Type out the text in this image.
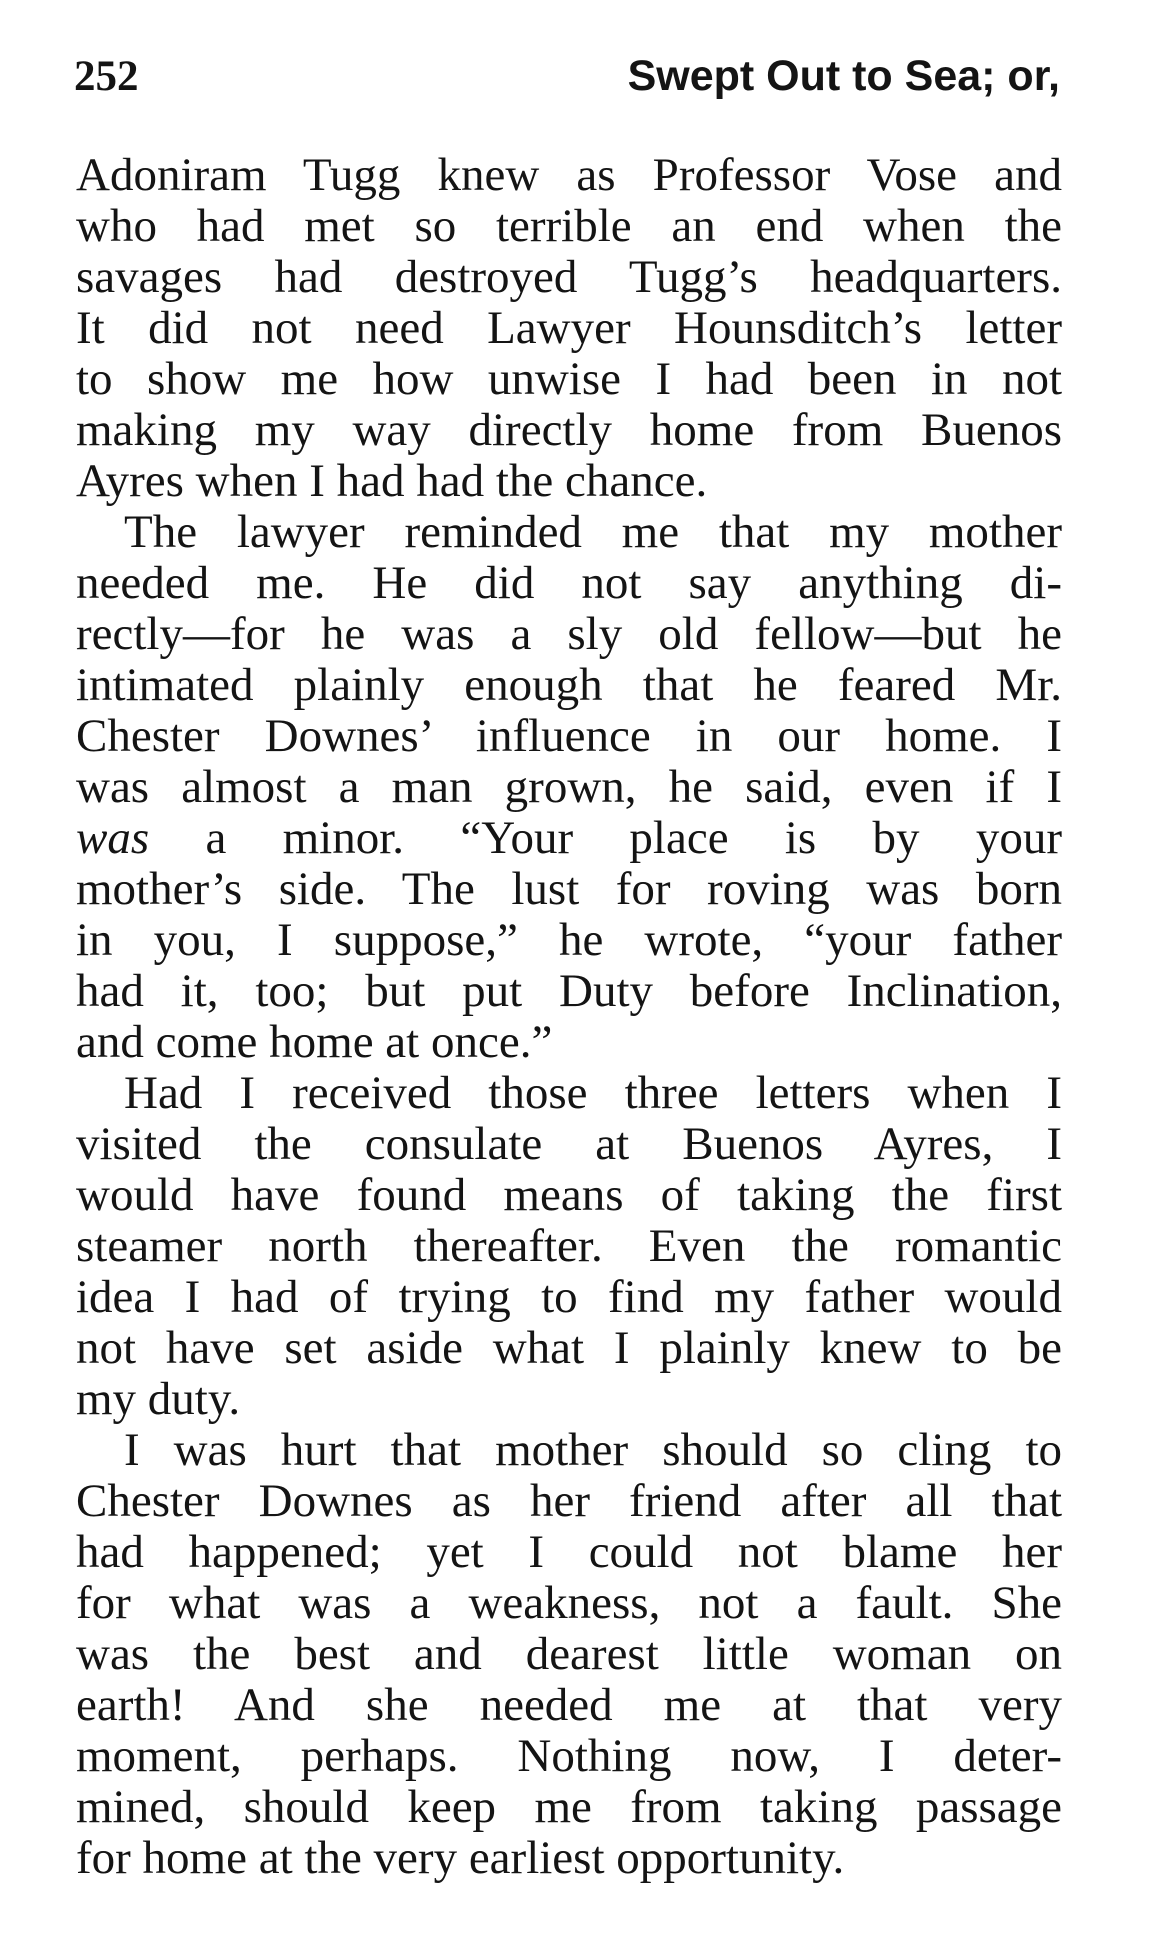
252	Swept Out to Sea; or,
Adoniram Tugg knew as Professor Vose and
who had met so terrible an end when the
savages had destroyed Tugg’s headquarters.
It did not need Lawyer Hounsditch’s letter
to show me how unwise I had been in not
making my way directly home from Buenos
Ayres when I had had the chance.
The lawyer reminded me that my mother
needed me. He did not say anything di-
rectly—for he was a sly old fellow—but he
intimated plainly enough that he feared Mr.
Chester Downes’ influence in our home. I
was almost a man grown, he said, even if I
was a minor. “Your place is by your
mother’s side. The lust for roving was born
in you, I suppose,” he wrote, “your father
had it, too; but put Duty before Inclination,
and come home at once.”
Had I received those three letters when I
visited the consulate at Buenos Ayres, I
would have found means of taking the first
steamer north thereafter. Even the romantic
idea I had of trying to find my father would
not have set aside what I plainly knew to be
my duty.
I was hurt that mother should so cling to
Chester Downes as her friend after all that
had happened; yet I could not blame her
for what was a weakness, not a fault. She
was the best and dearest little woman on
earth! And she needed me at that very
moment, perhaps. Nothing now, I deter-
mined, should keep me from taking passage
for home at the very earliest opportunity.
